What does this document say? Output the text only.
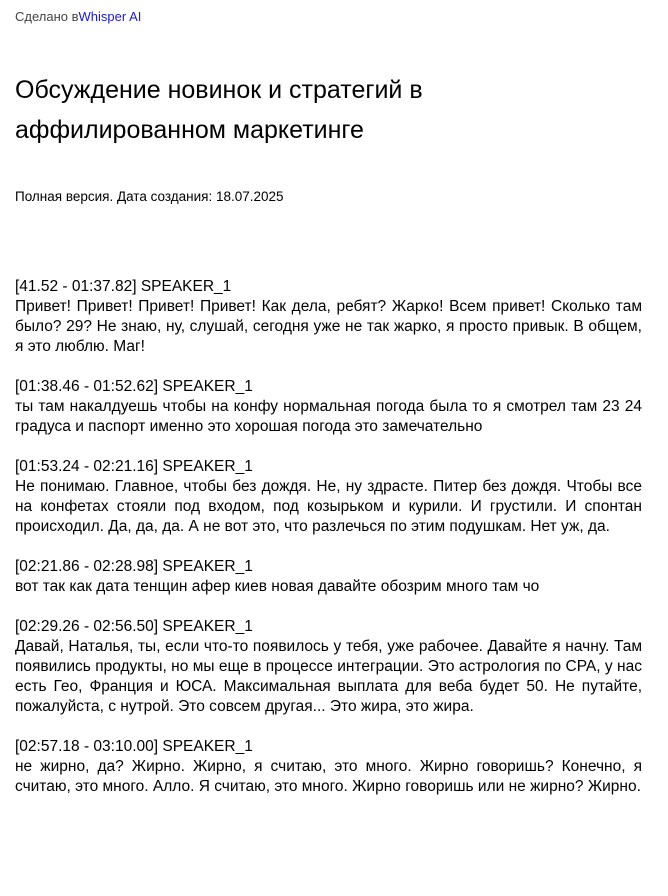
Сделано вWhisper AI
Обсуждение новинок и стратегий в аффилированном маркетинге
Полная версия. Дата создания: 18.07.2025
[41.52 - 01:37.82] SPEAKER_1
Привет! Привет! Привет! Привет! Как дела, ребят? Жарко! Всем привет! Сколько там было? 29? Не знаю, ну, слушай, сегодня уже не так жарко, я просто привык. В общем, я это люблю. Маг!
[01:38.46 - 01:52.62] SPEAKER_1
ты там накалдуешь чтобы на конфу нормальная погода была то я смотрел там 23 24 градуса и паспорт именно это хорошая погода это замечательно
[01:53.24 - 02:21.16] SPEAKER_1
Не понимаю. Главное, чтобы без дождя. Не, ну здрасте. Питер без дождя. Чтобы все на конфетах стояли под входом, под козырьком и курили. И грустили. И спонтан происходил. Да, да, да. А не вот это, что разлечься по этим подушкам. Нет уж, да.
[02:21.86 - 02:28.98] SPEAKER_1
вот так как дата тенщин афер киев новая давайте обозрим много там чо
[02:29.26 - 02:56.50] SPEAKER_1
Давай, Наталья, ты, если что-то появилось у тебя, уже рабочее. Давайте я начну. Там появились продукты, но мы еще в процессе интеграции. Это астрология по CPA, у нас есть Гео, Франция и ЮСА. Максимальная выплата для веба будет 50. Не путайте, пожалуйста, с нутрой. Это совсем другая... Это жира, это жира.
[02:57.18 - 03:10.00] SPEAKER_1
не жирно, да? Жирно. Жирно, я считаю, это много. Жирно говоришь? Конечно, я считаю, это много. Алло. Я считаю, это много. Жирно говоришь или не жирно? Жирно.
